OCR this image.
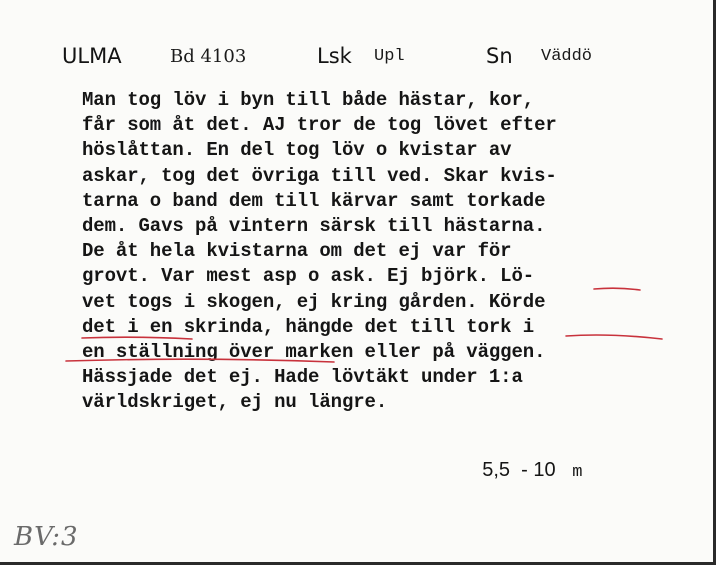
ULMA	Bd 4103	Lsk Upl	Sn Väddö
Man tog löv i byn till både hästar, kor,
får som åt det. AJ tror de tog lövet efter
höslåttan. En del tog löv o kvistar av
askar, tog det övriga till ved. Skar kvis-
tarna o band dem till kärvar samt torkade
dem. Gavs på vintern särsk till hästarna.
De åt hela kvistarna om det ej var för
grovt. Var mest asp o ask. Ej björk. Lö-
vet togs i skogen, ej kring gården. Körde
det i en skrinda, hängde det till tork i
en ställning över marken eller på väggen.
Hässjade det ej. Hade lövtäkt under 1:a
världskriget, ej nu längre.

5,5  - 10 m

BV:3
